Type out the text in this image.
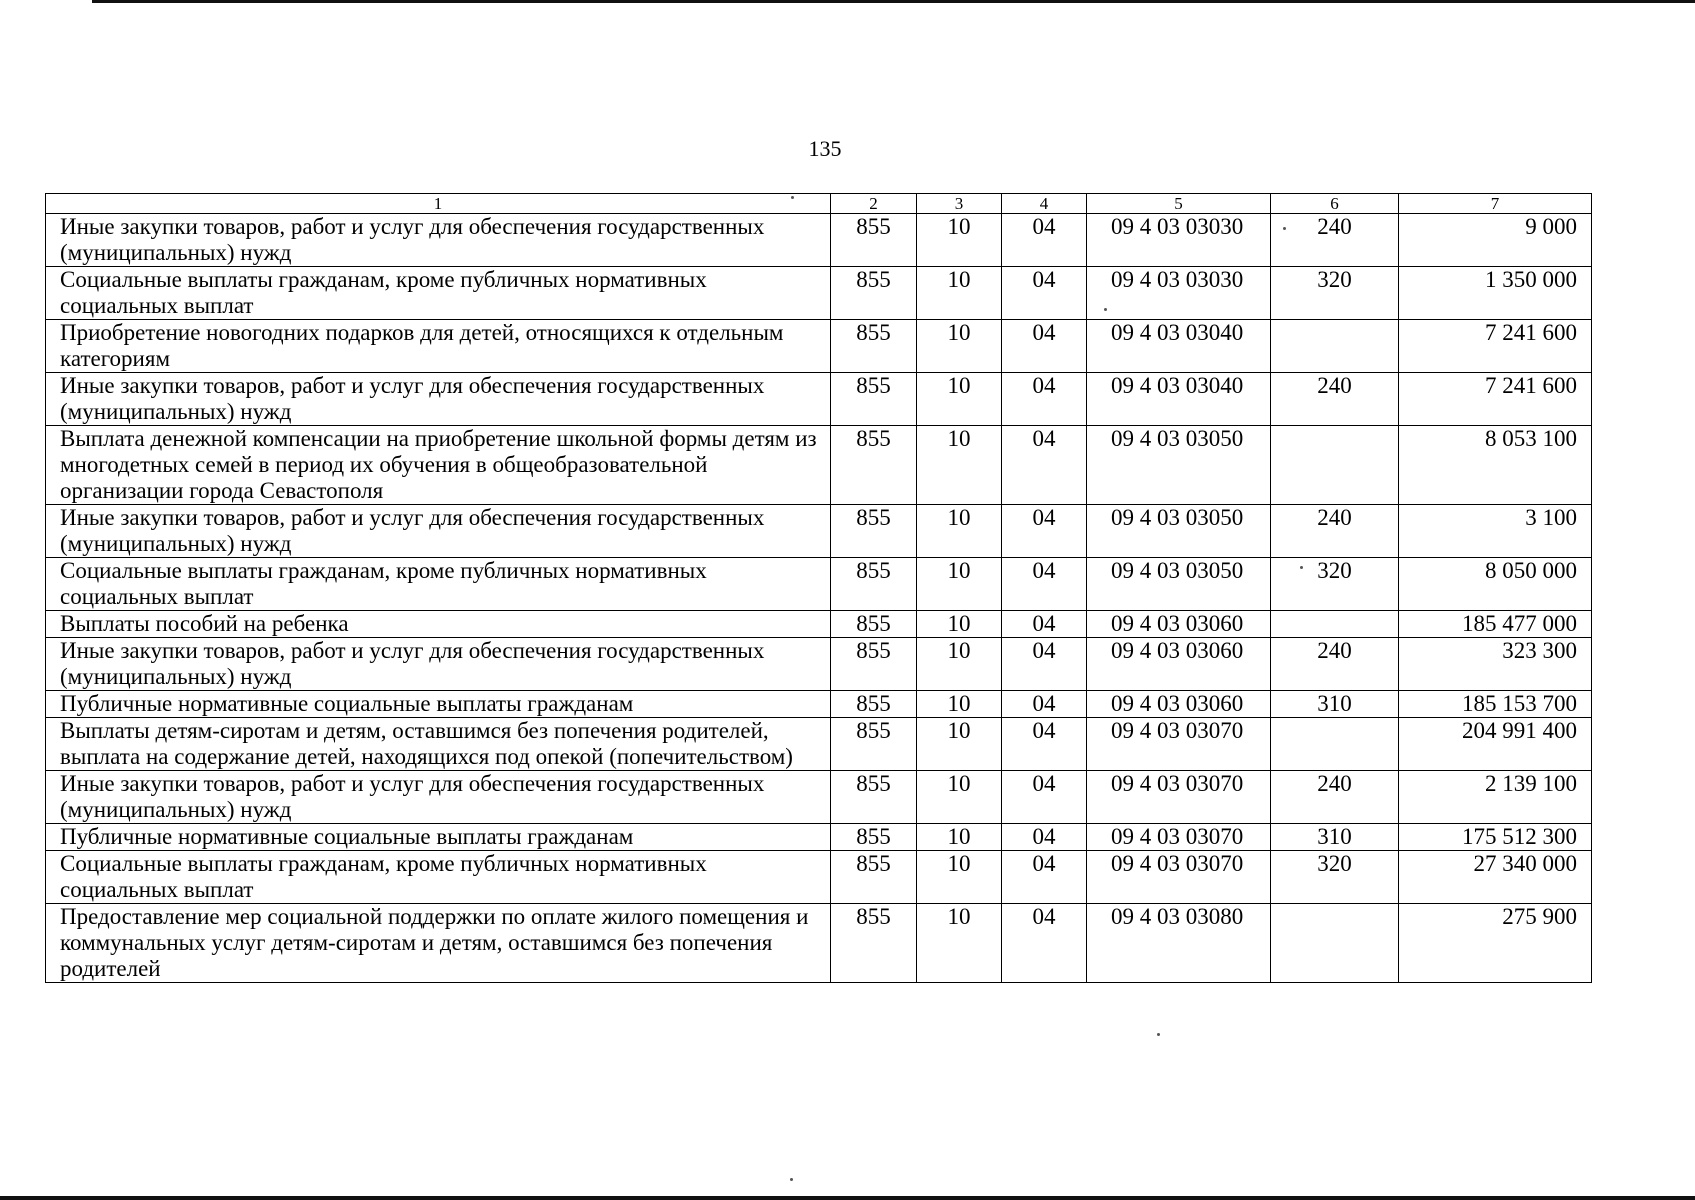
135
1	2	3	4	5	6	7
Иные закупки товаров, работ и услуг для обеспечения государственных (муниципальных) нужд	855	10	04	09 4 03 03030	240	9 000
Социальные выплаты гражданам, кроме публичных нормативных социальных выплат	855	10	04	09 4 03 03030	320	1 350 000
Приобретение новогодних подарков для детей, относящихся к отдельным категориям	855	10	04	09 4 03 03040		7 241 600
Иные закупки товаров, работ и услуг для обеспечения государственных (муниципальных) нужд	855	10	04	09 4 03 03040	240	7 241 600
Выплата денежной компенсации на приобретение школьной формы детям из многодетных семей в период их обучения в общеобразовательной организации города Севастополя	855	10	04	09 4 03 03050		8 053 100
Иные закупки товаров, работ и услуг для обеспечения государственных (муниципальных) нужд	855	10	04	09 4 03 03050	240	3 100
Социальные выплаты гражданам, кроме публичных нормативных социальных выплат	855	10	04	09 4 03 03050	320	8 050 000
Выплаты пособий на ребенка	855	10	04	09 4 03 03060		185 477 000
Иные закупки товаров, работ и услуг для обеспечения государственных (муниципальных) нужд	855	10	04	09 4 03 03060	240	323 300
Публичные нормативные социальные выплаты гражданам	855	10	04	09 4 03 03060	310	185 153 700
Выплаты детям-сиротам и детям, оставшимся без попечения родителей, выплата на содержание детей, находящихся под опекой (попечительством)	855	10	04	09 4 03 03070		204 991 400
Иные закупки товаров, работ и услуг для обеспечения государственных (муниципальных) нужд	855	10	04	09 4 03 03070	240	2 139 100
Публичные нормативные социальные выплаты гражданам	855	10	04	09 4 03 03070	310	175 512 300
Социальные выплаты гражданам, кроме публичных нормативных социальных выплат	855	10	04	09 4 03 03070	320	27 340 000
Предоставление мер социальной поддержки по оплате жилого помещения и коммунальных услуг детям-сиротам и детям, оставшимся без попечения родителей	855	10	04	09 4 03 03080		275 900
